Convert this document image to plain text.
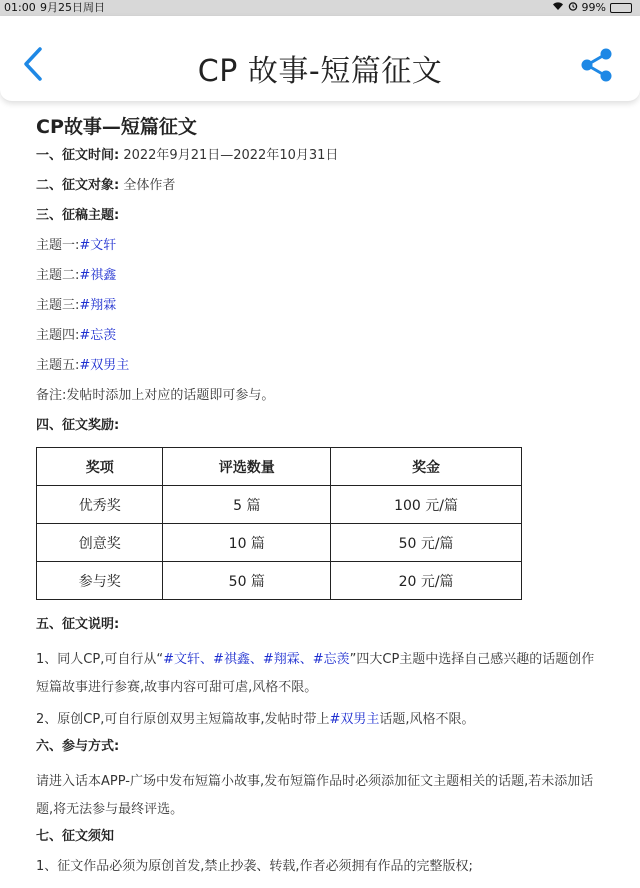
01:00 9月25日周日	99%
CP 故事-短篇征文
CP故事—短篇征文
一、征文时间: 2022年9月21日—2022年10月31日
二、征文对象: 全体作者
三、征稿主题:
主题一:#文轩
主题二:#祺鑫
主题三:#翔霖
主题四:#忘羡
主题五:#双男主
备注:发帖时添加上对应的话题即可参与。
四、征文奖励:
奖项	评选数量	奖金
优秀奖	5 篇	100 元/篇
创意奖	10 篇	50 元/篇
参与奖	50 篇	20 元/篇
五、征文说明:
1、同人CP,可自行从“#文轩、#祺鑫、#翔霖、#忘羡”四大CP主题中选择自己感兴趣的话题创作短篇故事进行参赛,故事内容可甜可虐,风格不限。
2、原创CP,可自行原创双男主短篇故事,发帖时带上#双男主话题,风格不限。
六、参与方式:
请进入话本APP-广场中发布短篇小故事,发布短篇作品时必须添加征文主题相关的话题,若未添加话题,将无法参与最终评选。
七、征文须知
1、征文作品必须为原创首发,禁止抄袭、转载,作者必须拥有作品的完整版权;
